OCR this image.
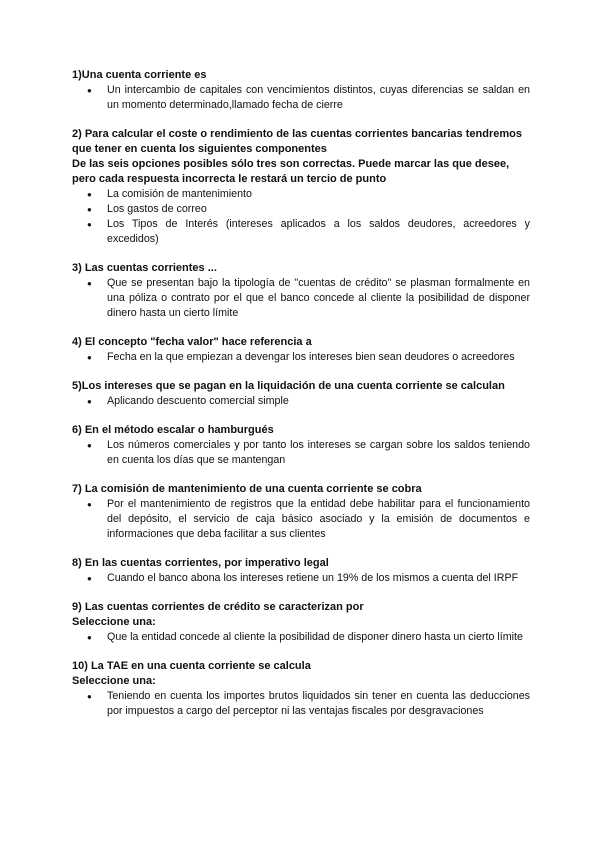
1)Una cuenta corriente es

● Un intercambio de capitales con vencimientos distintos, cuyas diferencias se saldan en un momento determinado,llamado fecha de cierre

2) Para calcular el coste o rendimiento de las cuentas corrientes bancarias tendremos que tener en cuenta los siguientes componentes

De las seis opciones posibles sólo tres son correctas. Puede marcar las que desee, pero cada respuesta incorrecta le restará un tercio de punto

● La comisión de mantenimiento
● Los gastos de correo
● Los Tipos de Interés (intereses aplicados a los saldos deudores, acreedores y excedidos)

3) Las cuentas corrientes ...

● Que se presentan bajo la tipología de "cuentas de crédito" se plasman formalmente en una póliza o contrato por el que el banco concede al cliente la posibilidad de disponer dinero hasta un cierto límite

4) El concepto "fecha valor" hace referencia a

● Fecha en la que empiezan a devengar los intereses bien sean deudores o acreedores

5)Los intereses que se pagan en la liquidación de una cuenta corriente se calculan

● Aplicando descuento comercial simple

6) En el método escalar o hamburgués

● Los números comerciales y por tanto los intereses se cargan sobre los saldos teniendo en cuenta los días que se mantengan

7) La comisión de mantenimiento de una cuenta corriente se cobra

● Por el mantenimiento de registros que la entidad debe habilitar para el funcionamiento del depósito, el servicio de caja básico asociado y la emisión de documentos e informaciones que deba facilitar a sus clientes

8) En las cuentas corrientes, por imperativo legal

● Cuando el banco abona los intereses retiene un 19% de los mismos a cuenta del IRPF

9) Las cuentas corrientes de crédito se caracterizan por

Seleccione una:

● Que la entidad concede al cliente la posibilidad de disponer dinero hasta un cierto límite

10) La TAE en una cuenta corriente se calcula

Seleccione una:

● Teniendo en cuenta los importes brutos liquidados sin tener en cuenta las deducciones por impuestos a cargo del perceptor ni las ventajas fiscales por desgravaciones
